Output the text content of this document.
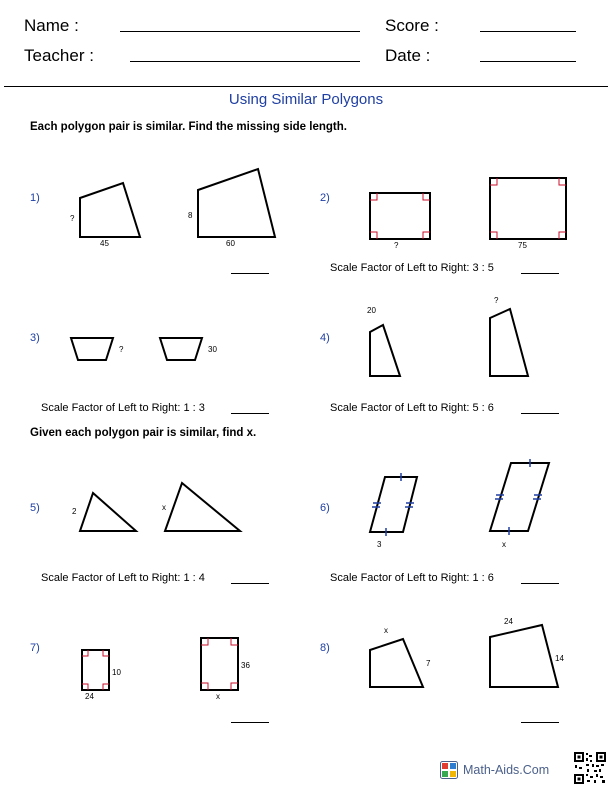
Name :	Score :
Teacher :	Date :
Using Similar Polygons
Each polygon pair is similar. Find the missing side length.
Given each polygon pair is similar, find x.
1)	2)
3)	4)
5)	6)
7)	8)
?
45
8
60	?	75
?	30
20
?
2	x
3	x
10
24
36
x
x
7
24
14
Scale Factor of Left to Right: 3 : 5
Scale Factor of Left to Right: 1 : 3	Scale Factor of Left to Right: 5 : 6
Scale Factor of Left to Right: 1 : 4	Scale Factor of Left to Right: 1 : 6
Math-Aids.Com
